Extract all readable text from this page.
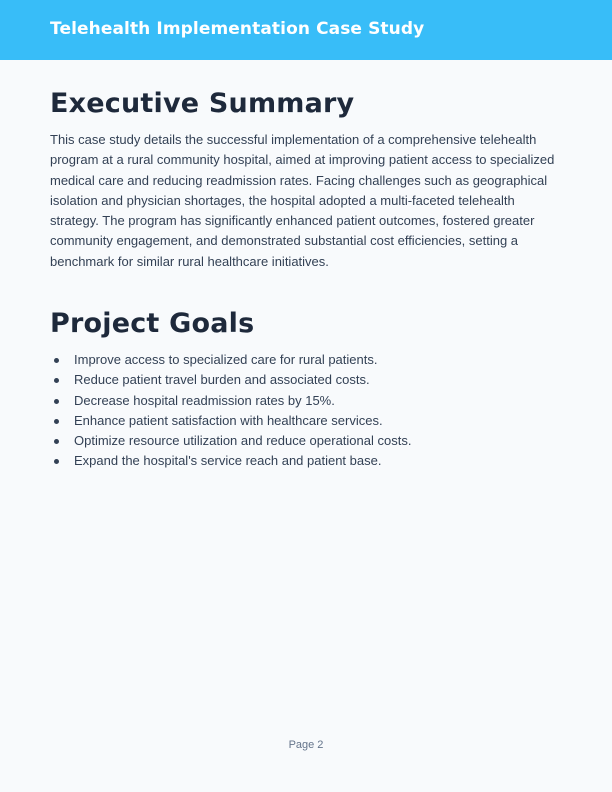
Telehealth Implementation Case Study
Executive Summary

This case study details the successful implementation of a comprehensive telehealth program at a rural community hospital, aimed at improving patient access to specialized medical care and reducing readmission rates. Facing challenges such as geographical isolation and physician shortages, the hospital adopted a multi-faceted telehealth strategy. The program has significantly enhanced patient outcomes, fostered greater community engagement, and demonstrated substantial cost efficiencies, setting a benchmark for similar rural healthcare initiatives.

Project Goals
Improve access to specialized care for rural patients.
Reduce patient travel burden and associated costs.
Decrease hospital readmission rates by 15%.
Enhance patient satisfaction with healthcare services.
Optimize resource utilization and reduce operational costs.
Expand the hospital's service reach and patient base.
Page 2
